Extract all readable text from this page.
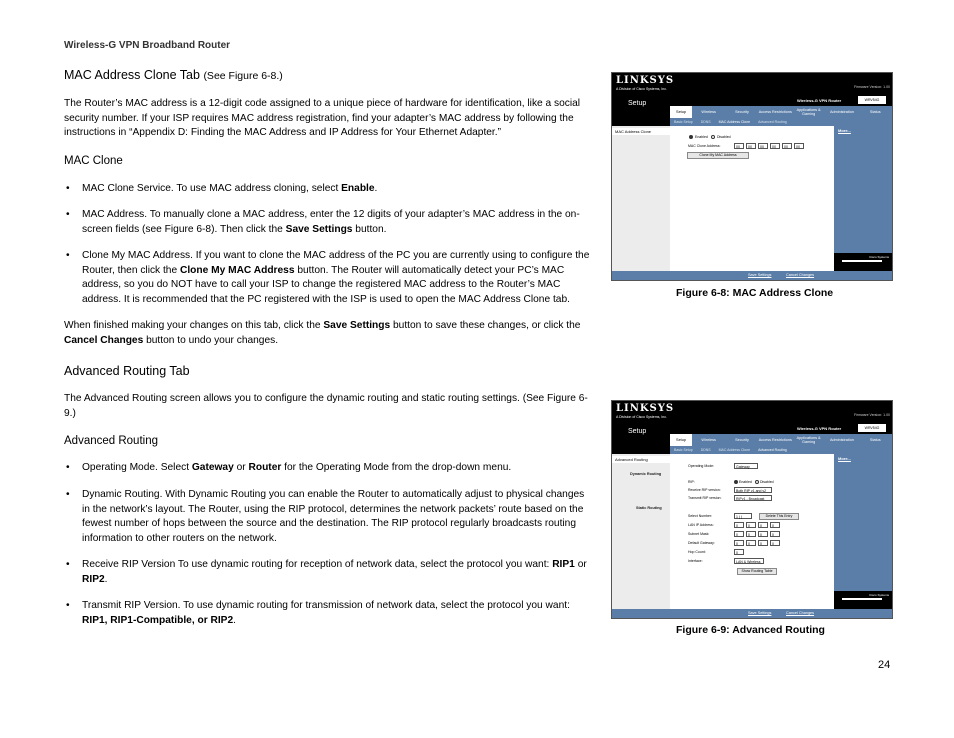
Wireless-G VPN Broadband Router
MAC Address Clone Tab (See Figure 6-8.)

The Router’s MAC address is a 12-digit code assigned to a unique piece of hardware for identification, like a social security number. If your ISP requires MAC address registration, find your adapter’s MAC address by following the instructions in “Appendix D: Finding the MAC Address and IP Address for Your Ethernet Adapter.”

MAC Clone
• MAC Clone Service. To use MAC address cloning, select Enable.
• MAC Address. To manually clone a MAC address, enter the 12 digits of your adapter’s MAC address in the on-screen fields (see Figure 6-8). Then click the Save Settings button.
• Clone My MAC Address. If you want to clone the MAC address of the PC you are currently using to configure the Router, then click the Clone My MAC Address button. The Router will automatically detect your PC’s MAC address, so you do NOT have to call your ISP to change the registered MAC address to the Router’s MAC address. It is recommended that the PC registered with the ISP is used to open the MAC Address Clone tab.

When finished making your changes on this tab, click the Save Settings button to save these changes, or click the Cancel Changes button to undo your changes.

Advanced Routing Tab

The Advanced Routing screen allows you to configure the dynamic routing and static routing settings. (See Figure 6-9.)

Advanced Routing
• Operating Mode. Select Gateway or Router for the Operating Mode from the drop-down menu.
• Dynamic Routing. With Dynamic Routing you can enable the Router to automatically adjust to physical changes in the network’s layout. The Router, using the RIP protocol, determines the network packets’ route based on the fewest number of hops between the source and the destination. The RIP protocol regularly broadcasts routing information to other routers on the network.
• Receive RIP Version To use dynamic routing for reception of network data, select the protocol you want: RIP1 or RIP2.
• Transmit RIP Version. To use dynamic routing for transmission of network data, select the protocol you want: RIP1, RIP1-Compatible, or RIP2.
LINKSYS
A Division of Cisco Systems, Inc.	Firmware Version: 1.00
Setup	Wireless-G VPN Router	WRV54G
Setup	Wireless	Security	Access Restrictions	Applications & Gaming	Administration	Status
Basic Setup DDNS MAC Address Clone Advanced Routing
MAC Address Clone
Enabled	Disabled
MAC Clone Address:	00	00	00	00	00	00
Clone My MAC Address
More...
Cisco Systems
Save Settings	Cancel Changes
Figure 6-8: MAC Address Clone
LINKSYS
A Division of Cisco Systems, Inc.	Firmware Version: 1.00
Setup	Wireless-G VPN Router	WRV54G
Setup	Wireless	Security	Access Restrictions	Applications & Gaming	Administration	Status
Basic Setup DDNS MAC Address Clone Advanced Routing
Advanced Routing
Dynamic Routing
Static Routing
Operating Mode:	Gateway
RIP:	Enabled Disabled
Receive RIP version:	Both RIP v1 and v2
Transmit RIP version:	RIPv1 - Broadcast
Select Number:	1 ( )	Delete This Entry
LAN IP Address:	0	0	0	0
Subnet Mask:	0	0	0	0
Default Gateway:	0	0	0	0
Hop Count:	0
Interface:	LAN & Wireless
Show Routing Table
More...
Cisco Systems
Save Settings	Cancel Changes
Figure 6-9: Advanced Routing
24
